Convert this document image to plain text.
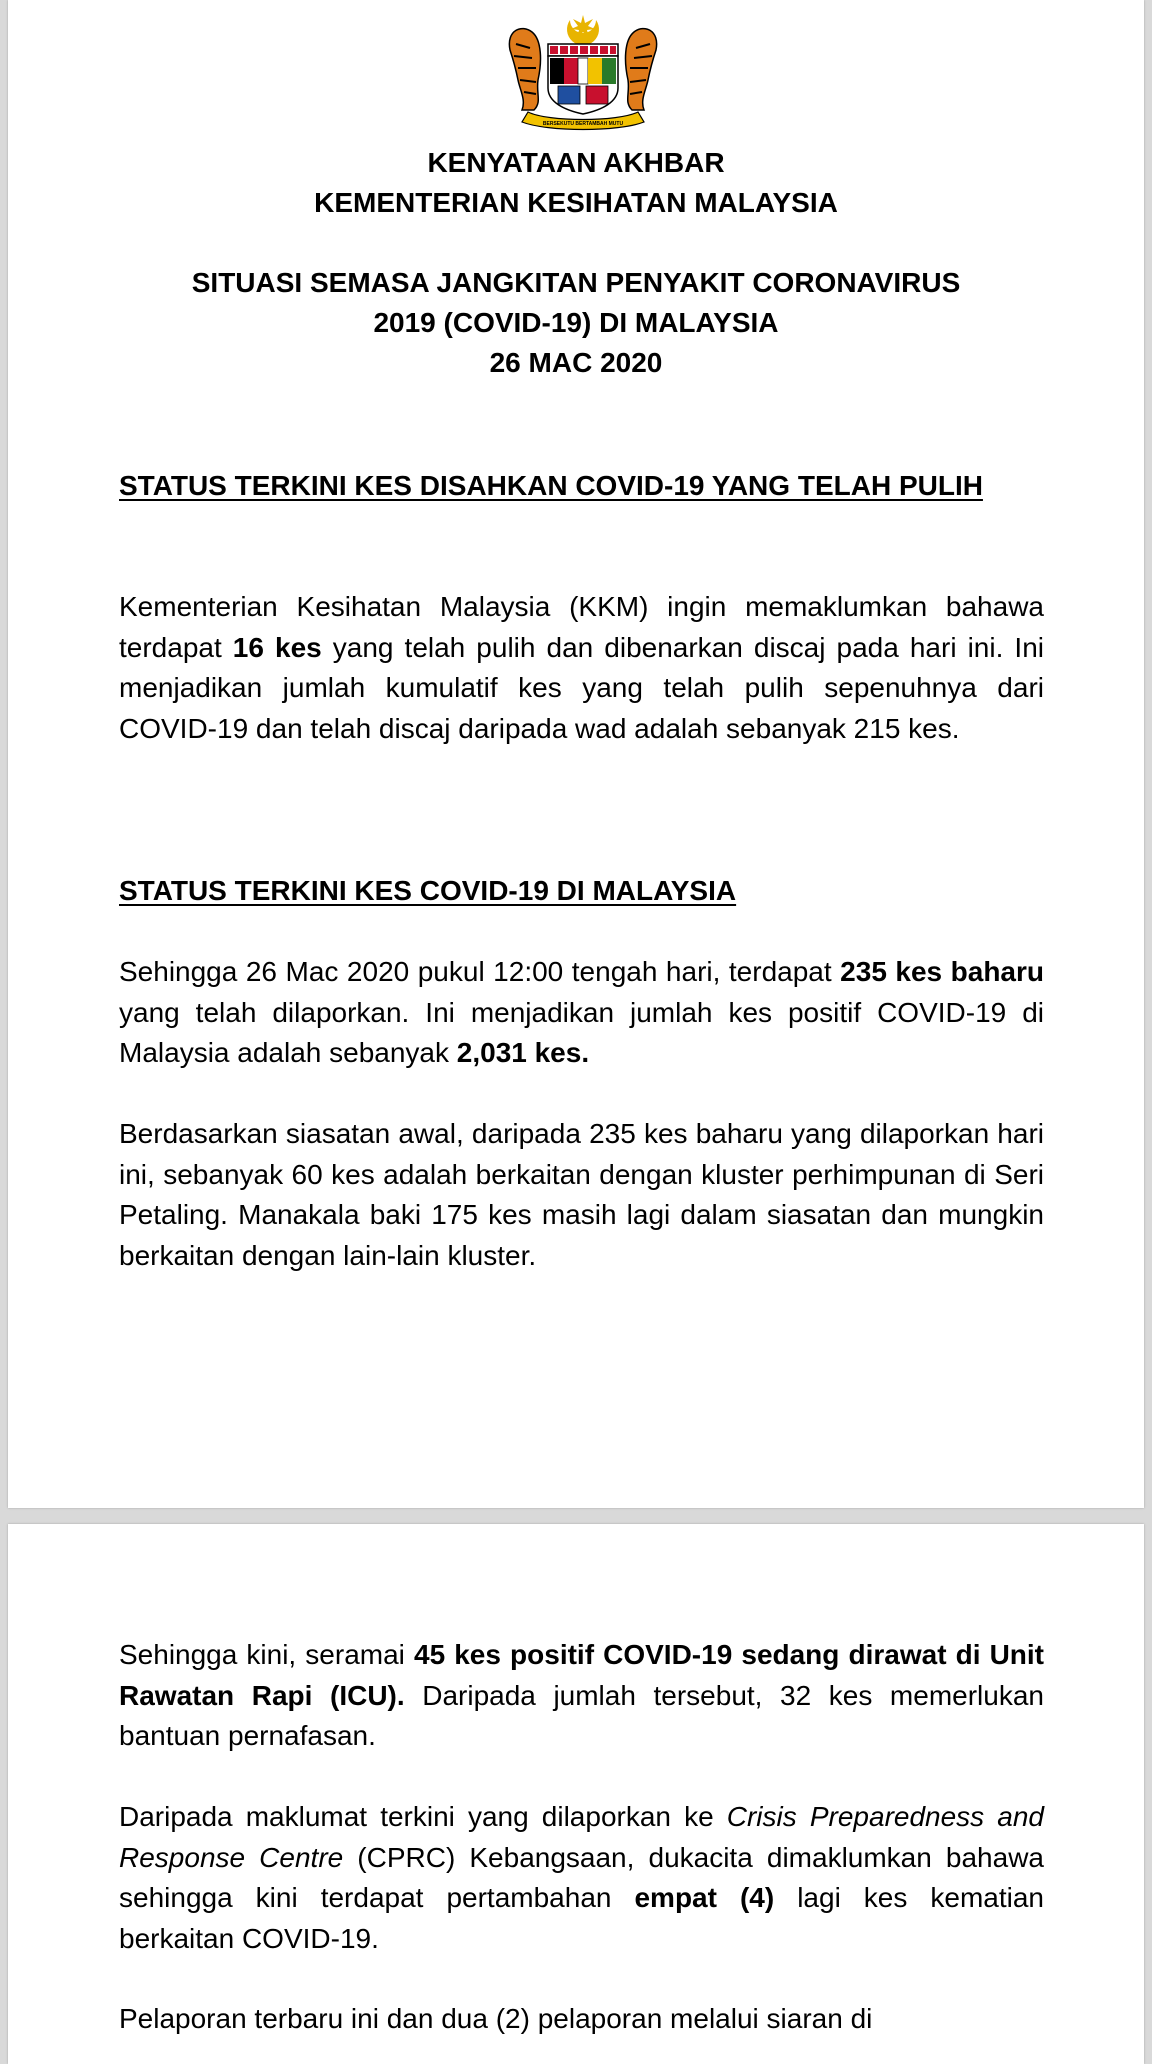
BERSEKUTU BERTAMBAH MUTU
KENYATAAN AKHBAR
KEMENTERIAN KESIHATAN MALAYSIA
SITUASI SEMASA JANGKITAN PENYAKIT CORONAVIRUS
2019 (COVID-19) DI MALAYSIA
26 MAC 2020
STATUS TERKINI KES DISAHKAN COVID-19 YANG TELAH PULIH
Kementerian Kesihatan Malaysia (KKM) ingin memaklumkan bahawa terdapat 16 kes yang telah pulih dan dibenarkan discaj pada hari ini. Ini menjadikan jumlah kumulatif kes yang telah pulih sepenuhnya dari COVID-19 dan telah discaj daripada wad adalah sebanyak 215 kes.
STATUS TERKINI KES COVID-19 DI MALAYSIA
Sehingga 26 Mac 2020 pukul 12:00 tengah hari, terdapat 235 kes baharu yang telah dilaporkan. Ini menjadikan jumlah kes positif COVID-19 di Malaysia adalah sebanyak 2,031 kes.
Berdasarkan siasatan awal, daripada 235 kes baharu yang dilaporkan hari ini, sebanyak 60 kes adalah berkaitan dengan kluster perhimpunan di Seri Petaling. Manakala baki 175 kes masih lagi dalam siasatan dan mungkin berkaitan dengan lain-lain kluster.
Sehingga kini, seramai 45 kes positif COVID-19 sedang dirawat di Unit Rawatan Rapi (ICU). Daripada jumlah tersebut, 32 kes memerlukan bantuan pernafasan.
Daripada maklumat terkini yang dilaporkan ke Crisis Preparedness and Response Centre (CPRC) Kebangsaan, dukacita dimaklumkan bahawa sehingga kini terdapat pertambahan empat (4) lagi kes kematian berkaitan COVID-19.
Pelaporan terbaru ini dan dua (2) pelaporan melalui siaran di
